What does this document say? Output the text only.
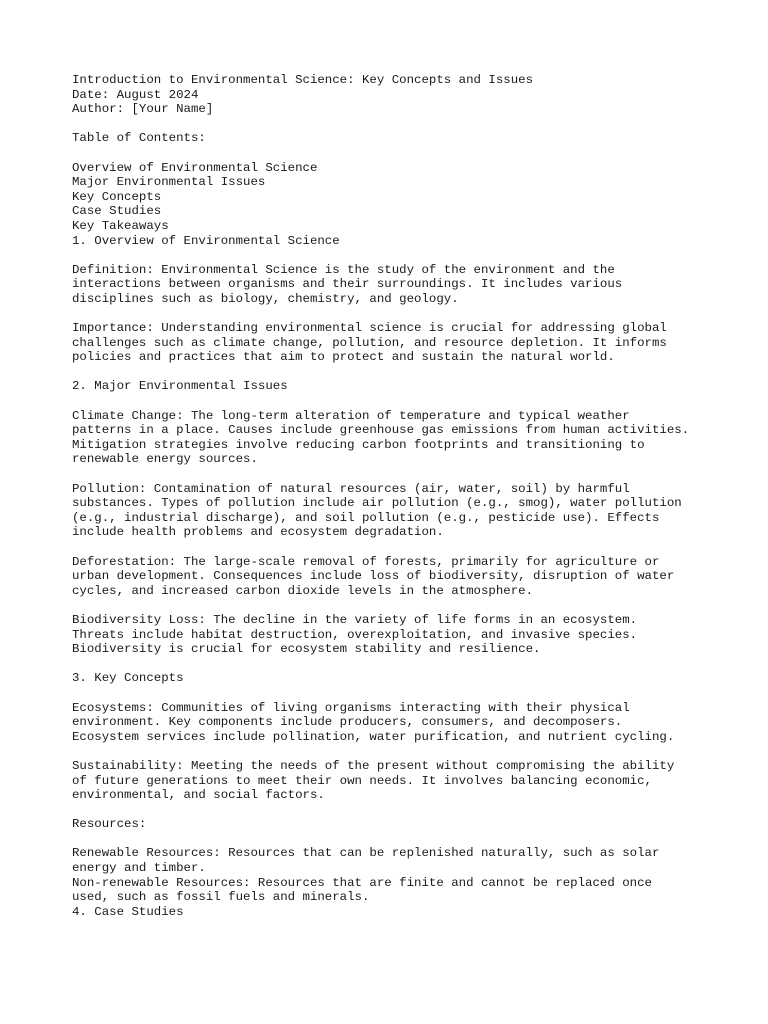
Introduction to Environmental Science: Key Concepts and Issues
Date: August 2024
Author: [Your Name]
Table of Contents:
Overview of Environmental Science
Major Environmental Issues
Key Concepts
Case Studies
Key Takeaways
1. Overview of Environmental Science
Definition: Environmental Science is the study of the environment and the
interactions between organisms and their surroundings. It includes various
disciplines such as biology, chemistry, and geology.
Importance: Understanding environmental science is crucial for addressing global
challenges such as climate change, pollution, and resource depletion. It informs
policies and practices that aim to protect and sustain the natural world.
2. Major Environmental Issues
Climate Change: The long-term alteration of temperature and typical weather
patterns in a place. Causes include greenhouse gas emissions from human activities.
Mitigation strategies involve reducing carbon footprints and transitioning to
renewable energy sources.
Pollution: Contamination of natural resources (air, water, soil) by harmful
substances. Types of pollution include air pollution (e.g., smog), water pollution
(e.g., industrial discharge), and soil pollution (e.g., pesticide use). Effects
include health problems and ecosystem degradation.
Deforestation: The large-scale removal of forests, primarily for agriculture or
urban development. Consequences include loss of biodiversity, disruption of water
cycles, and increased carbon dioxide levels in the atmosphere.
Biodiversity Loss: The decline in the variety of life forms in an ecosystem.
Threats include habitat destruction, overexploitation, and invasive species.
Biodiversity is crucial for ecosystem stability and resilience.
3. Key Concepts
Ecosystems: Communities of living organisms interacting with their physical
environment. Key components include producers, consumers, and decomposers.
Ecosystem services include pollination, water purification, and nutrient cycling.
Sustainability: Meeting the needs of the present without compromising the ability
of future generations to meet their own needs. It involves balancing economic,
environmental, and social factors.
Resources:
Renewable Resources: Resources that can be replenished naturally, such as solar
energy and timber.
Non-renewable Resources: Resources that are finite and cannot be replaced once
used, such as fossil fuels and minerals.
4. Case Studies
